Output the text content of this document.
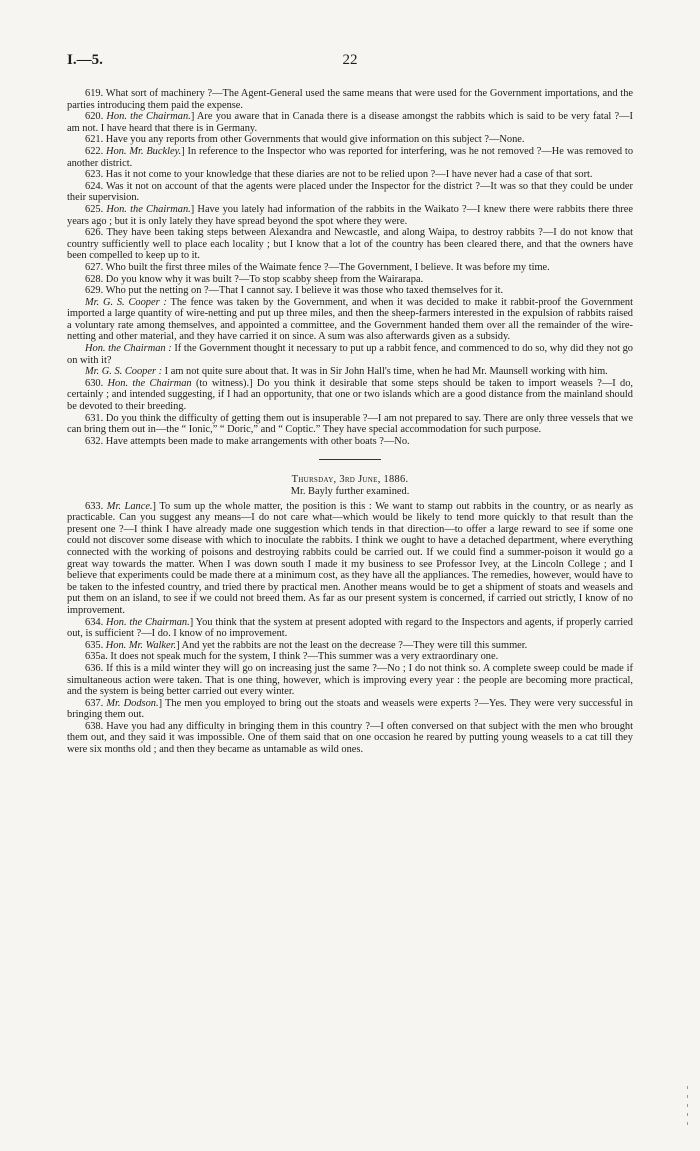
I.—5.	22

619. What sort of machinery ?—The Agent-General used the same means that were used for the Government importations, and the parties introducing them paid the expense.

620. Hon. the Chairman.] Are you aware that in Canada there is a disease amongst the rabbits which is said to be very fatal ?—I am not. I have heard that there is in Germany.

621. Have you any reports from other Governments that would give information on this subject ?—None.

622. Hon. Mr. Buckley.] In reference to the Inspector who was reported for interfering, was he not removed ?—He was removed to another district.

623. Has it not come to your knowledge that these diaries are not to be relied upon ?—I have never had a case of that sort.

624. Was it not on account of that the agents were placed under the Inspector for the district ?—It was so that they could be under their supervision.

625. Hon. the Chairman.] Have you lately had information of the rabbits in the Waikato ?—I knew there were rabbits there three years ago ; but it is only lately they have spread beyond the spot where they were.

626. They have been taking steps between Alexandra and Newcastle, and along Waipa, to destroy rabbits ?—I do not know that country sufficiently well to place each locality ; but I know that a lot of the country has been cleared there, and that the owners have been compelled to keep up to it.

627. Who built the first three miles of the Waimate fence ?—The Government, I believe. It was before my time.

628. Do you know why it was built ?—To stop scabby sheep from the Wairarapa.

629. Who put the netting on ?—That I cannot say. I believe it was those who taxed themselves for it.

Mr. G. S. Cooper : The fence was taken by the Government, and when it was decided to make it rabbit-proof the Government imported a large quantity of wire-netting and put up three miles, and then the sheep-farmers interested in the expulsion of rabbits raised a voluntary rate among themselves, and appointed a committee, and the Government handed them over all the remainder of the wire-netting and other material, and they have carried it on since. A sum was also afterwards given as a subsidy.

Hon. the Chairman : If the Government thought it necessary to put up a rabbit fence, and commenced to do so, why did they not go on with it?

Mr. G. S. Cooper : I am not quite sure about that. It was in Sir John Hall's time, when he had Mr. Maunsell working with him.

630. Hon. the Chairman (to witness).] Do you think it desirable that some steps should be taken to import weasels ?—I do, certainly ; and intended suggesting, if I had an opportunity, that one or two islands which are a good distance from the mainland should be devoted to their breeding.

631. Do you think the difficulty of getting them out is insuperable ?—I am not prepared to say. There are only three vessels that we can bring them out in—the “ Ionic,” “ Doric,” and “ Coptic.” They have special accommodation for such purpose.

632. Have attempts been made to make arrangements with other boats ?—No.

Thursday, 3rd June, 1886.

Mr. Bayly further examined.

633. Mr. Lance.] To sum up the whole matter, the position is this : We want to stamp out rabbits in the country, or as nearly as practicable. Can you suggest any means—I do not care what—which would be likely to tend more quickly to that result than the present one ?—I think I have already made one suggestion which tends in that direction—to offer a large reward to see if some one could not discover some disease with which to inoculate the rabbits. I think we ought to have a detached department, where everything connected with the working of poisons and destroying rabbits could be carried out. If we could find a summer-poison it would go a great way towards the matter. When I was down south I made it my business to see Professor Ivey, at the Lincoln College ; and I believe that experiments could be made there at a minimum cost, as they have all the appliances. The remedies, however, would have to be taken to the infested country, and tried there by practical men. Another means would be to get a shipment of stoats and weasels and put them on an island, to see if we could not breed them. As far as our present system is concerned, if carried out strictly, I know of no improvement.

634. Hon. the Chairman.] You think that the system at present adopted with regard to the Inspectors and agents, if properly carried out, is sufficient ?—I do. I know of no improvement.

635. Hon. Mr. Walker.] And yet the rabbits are not the least on the decrease ?—They were till this summer.

635a. It does not speak much for the system, I think ?—This summer was a very extraordinary one.

636. If this is a mild winter they will go on increasing just the same ?—No ; I do not think so. A complete sweep could be made if simultaneous action were taken. That is one thing, however, which is improving every year : the people are becoming more practical, and the system is being better carried out every winter.

637. Mr. Dodson.] The men you employed to bring out the stoats and weasels were experts ?—Yes. They were very successful in bringing them out.

638. Have you had any difficulty in bringing them in this country ?—I often conversed on that subject with the men who brought them out, and they said it was impossible. One of them said that on one occasion he reared by putting young weasels to a cat till they were six months old ; and then they became as untamable as wild ones.
